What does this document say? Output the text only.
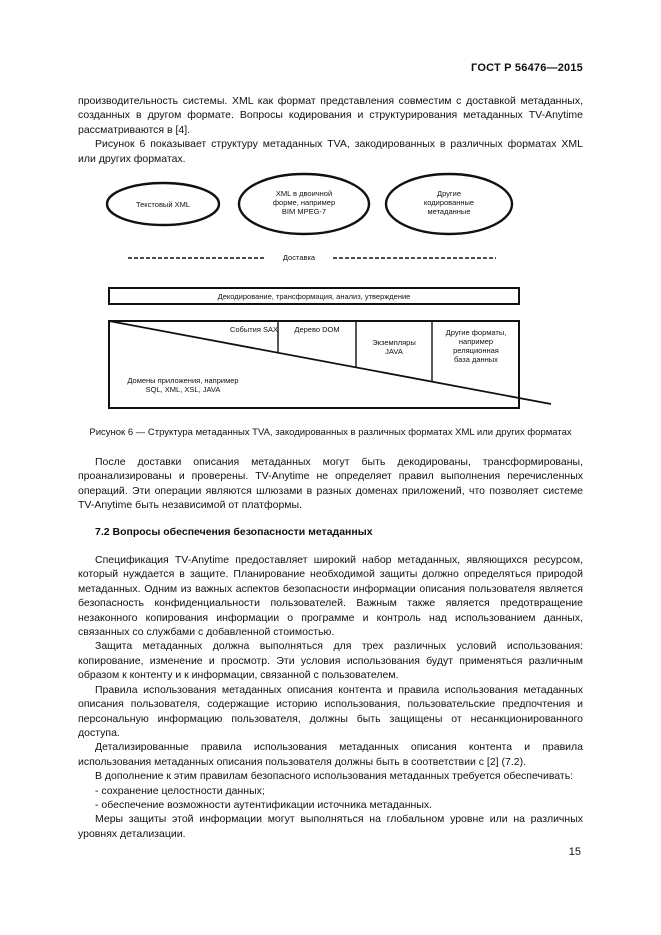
ГОСТ Р 56476—2015

производительность системы. XML как формат представления совместим с доставкой метаданных, созданных в другом формате. Вопросы кодирования и структурирования метаданных TV-Anytime рассматриваются в [4].

Рисунок 6 показывает структуру метаданных TVA, закодированных в различных форматах XML или других форматах.

Текстовый XML
XML в двоичной
форме, например
BIM MPEG-7
Другие
кодированные
метаданные
Доставка
Декодирование, трансформация, анализ, утверждение
События SAX Дерево DOM
Экземпляры
JAVA
Другие форматы,
например
реляционная
база данных
Домены приложения, например
SQL, XML, XSL, JAVA
Рисунок 6 — Структура метаданных TVA, закодированных в различных форматах XML или других форматах

После доставки описания метаданных могут быть декодированы, трансформированы, проанализированы и проверены. TV-Anytime не определяет правил выполнения перечисленных операций. Эти операции являются шлюзами в разных доменах приложений, что позволяет системе TV-Anytime быть независимой от платформы.

7.2 Вопросы обеспечения безопасности метаданных

Спецификация TV-Anytime предоставляет широкий набор метаданных, являющихся ресурсом, который нуждается в защите. Планирование необходимой защиты должно определяться природой метаданных. Одним из важных аспектов безопасности информации описания пользователя является безопасность конфиденциальности пользователей. Важным также является предотвращение незаконного копирования информации о программе и контроль над использованием данных, связанных со службами с добавленной стоимостью.

Защита метаданных должна выполняться для трех различных условий использования: копирование, изменение и просмотр. Эти условия использования будут применяться различным образом к контенту и к информации, связанной с пользователем.

Правила использования метаданных описания контента и правила использования метаданных описания пользователя, содержащие историю использования, пользовательские предпочтения и персональную информацию пользователя, должны быть защищены от несанкционированного доступа.

Детализированные правила использования метаданных описания контента и правила использования метаданных описания пользователя должны быть в соответствии с [2] (7.2).

В дополнение к этим правилам безопасного использования метаданных требуется обеспечивать:

- сохранение целостности данных;

- обеспечение возможности аутентификации источника метаданных.

Меры защиты этой информации могут выполняться на глобальном уровне или на различных уровнях детализации.

15
